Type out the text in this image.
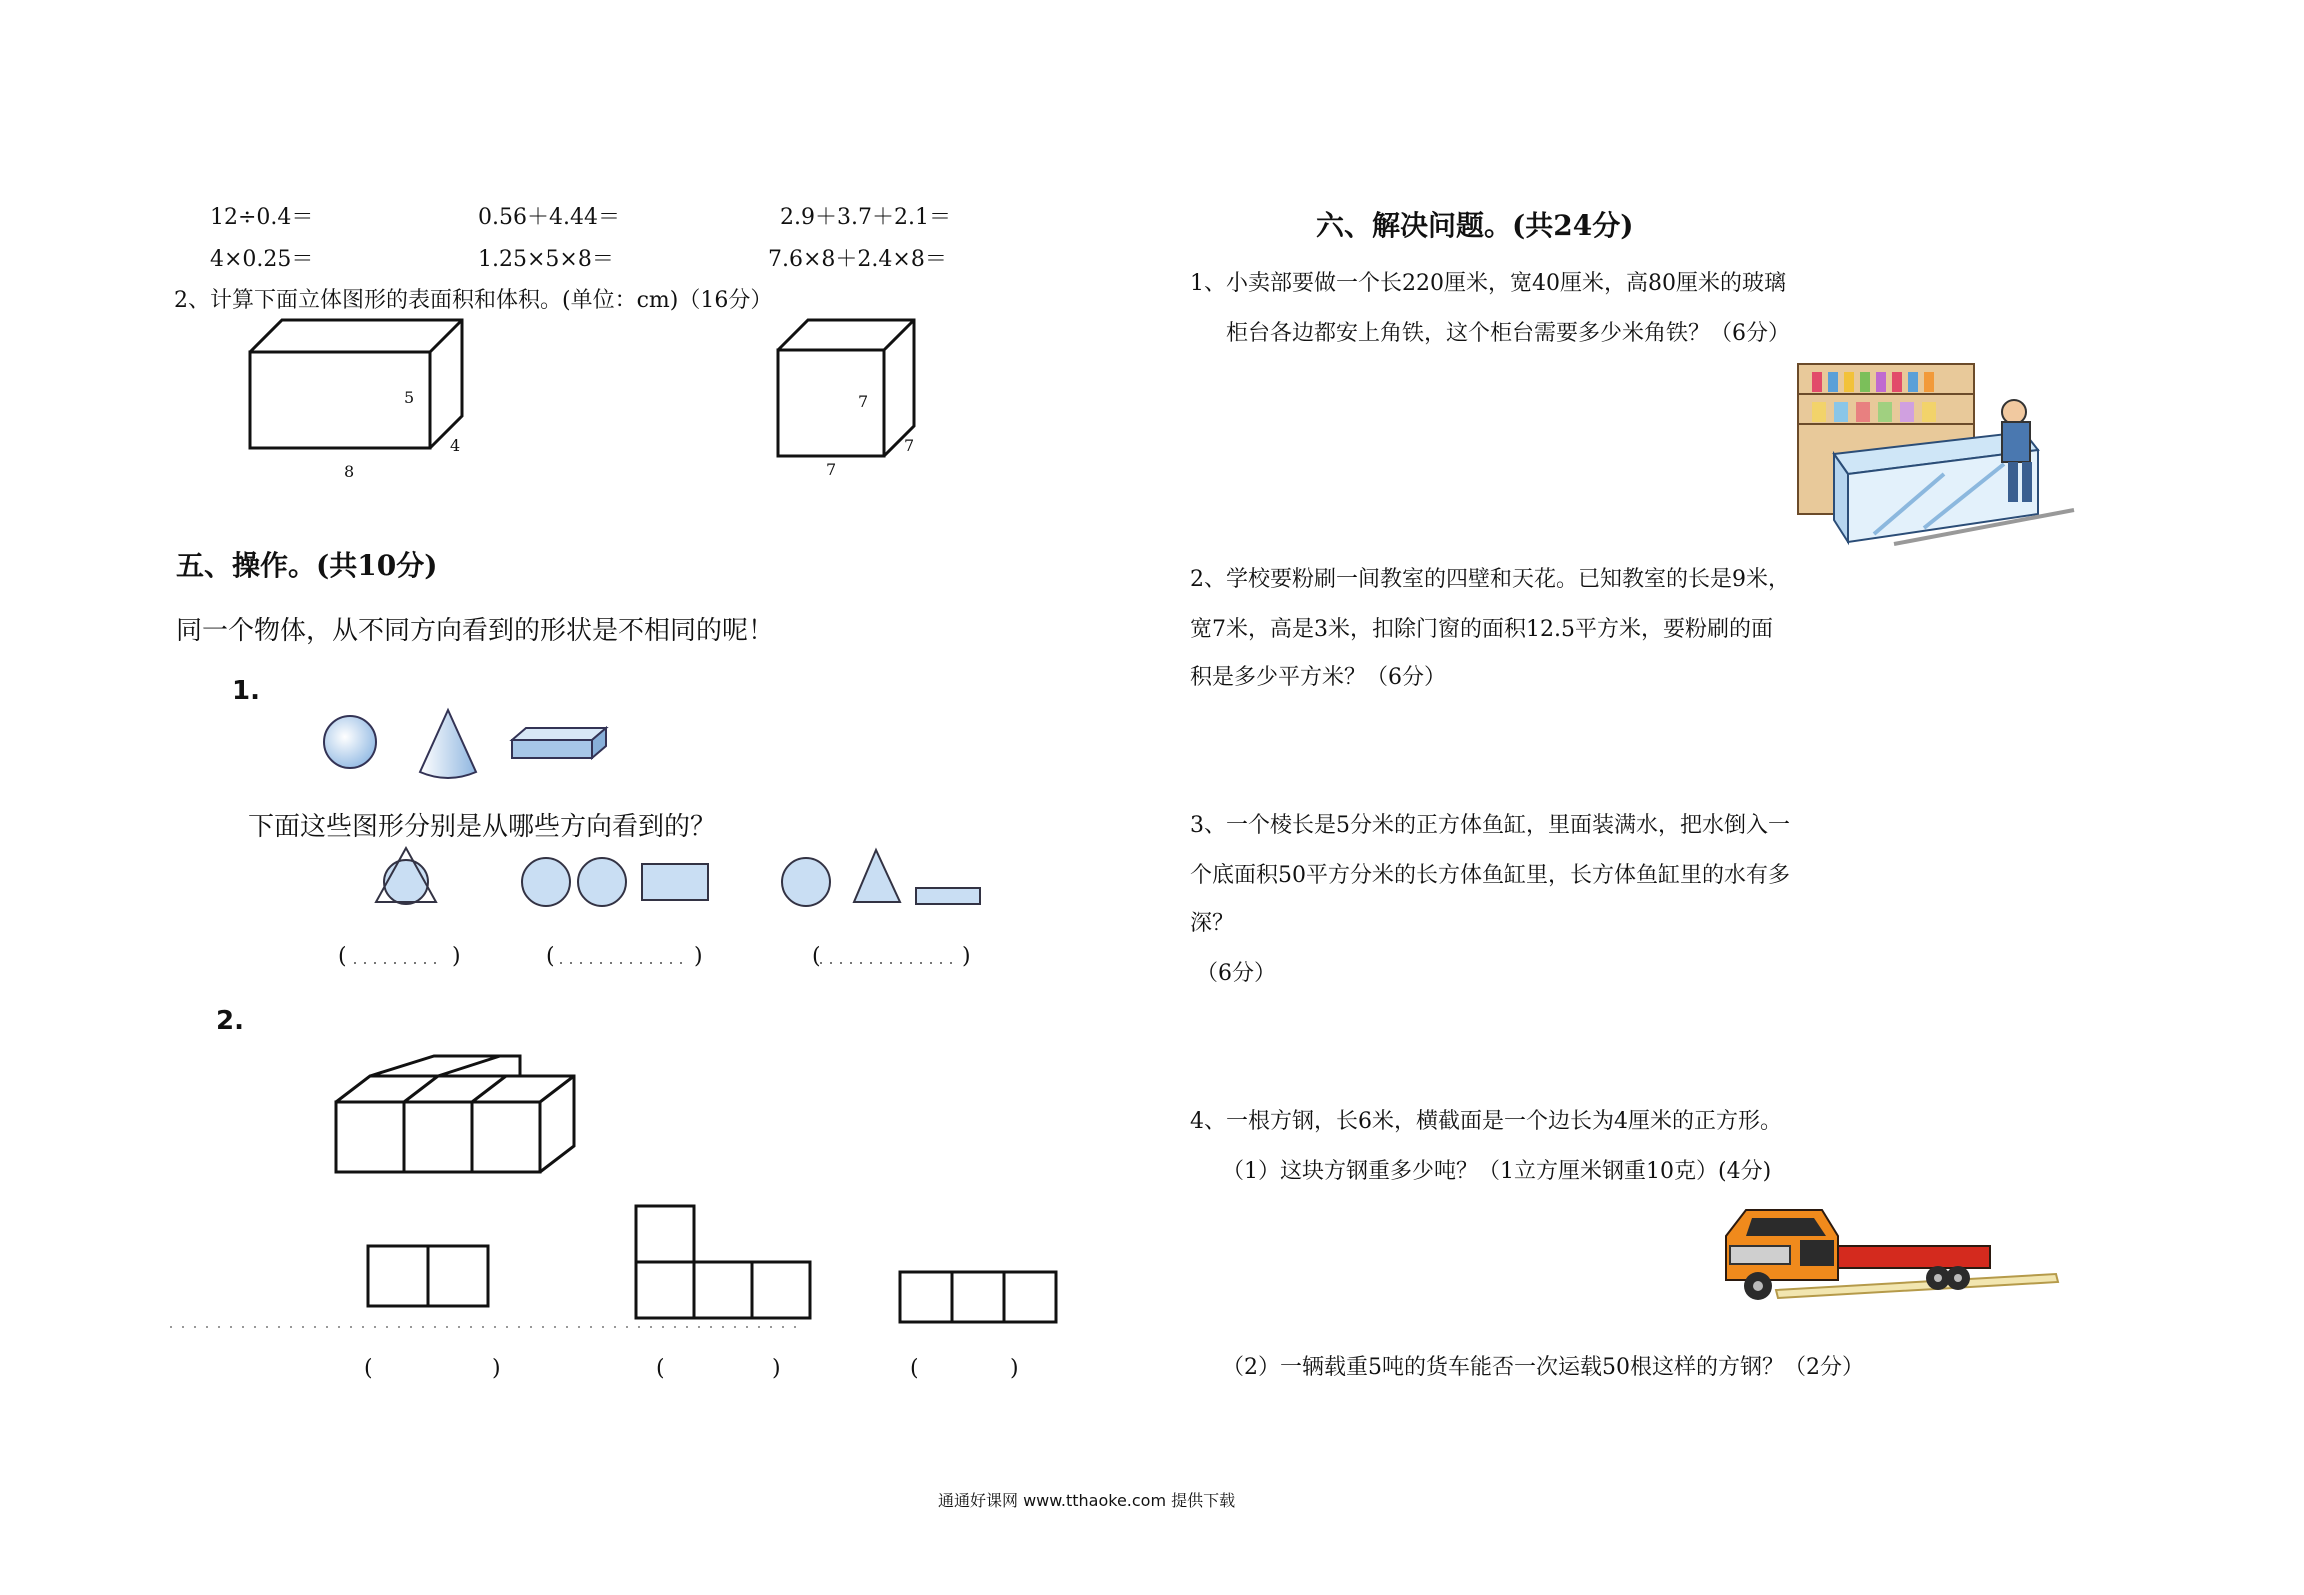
12÷0.4＝	0.56＋4.44＝	2.9＋3.7＋2.1＝
4×0.25＝	1.25×5×8＝	7.6×8＋2.4×8＝
2、计算下面立体图形的表面积和体积。(单位：cm)（16分）
5
4
8
7
7
7
五、操作。(共10分)
同一个物体，从不同方向看到的形状是不相同的呢！
1.
下面这些图形分别是从哪些方向看到的？
(	)	(	)	(	)
2.
(	)	(	)	(	)
六、解决问题。(共24分)
1、小卖部要做一个长220厘米，宽40厘米，高80厘米的玻璃
柜台各边都安上角铁，这个柜台需要多少米角铁？（6分）
2、学校要粉刷一间教室的四壁和天花。已知教室的长是9米，
宽7米，高是3米，扣除门窗的面积12.5平方米，要粉刷的面
积是多少平方米？（6分）
3、一个棱长是5分米的正方体鱼缸，里面装满水，把水倒入一
个底面积50平方分米的长方体鱼缸里，长方体鱼缸里的水有多
深？
（6分）
4、一根方钢，长6米，横截面是一个边长为4厘米的正方形。
（1）这块方钢重多少吨？（1立方厘米钢重10克）(4分)
（2）一辆载重5吨的货车能否一次运载50根这样的方钢？（2分）
通通好课网 www.tthaoke.com 提供下载
